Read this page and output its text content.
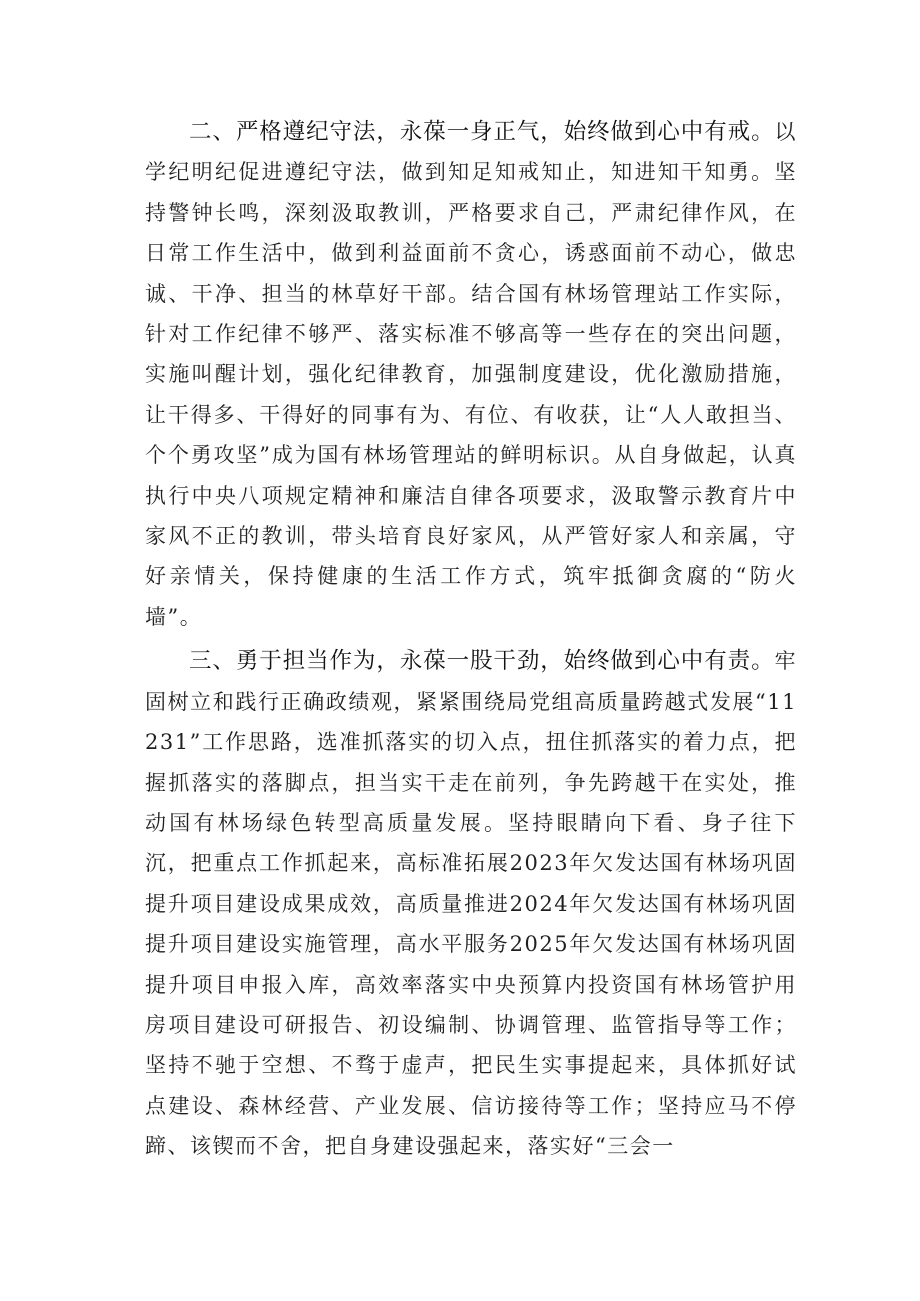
二、严格遵纪守法，永葆一身正气，始终做到心中有戒。以学纪明纪促进遵纪守法，做到知足知戒知止，知进知干知勇。坚持警钟长鸣，深刻汲取教训，严格要求自己，严肃纪律作风，在日常工作生活中，做到利益面前不贪心，诱惑面前不动心，做忠诚、干净、担当的林草好干部。结合国有林场管理站工作实际，针对工作纪律不够严、落实标准不够高等一些存在的突出问题，实施叫醒计划，强化纪律教育，加强制度建设，优化激励措施，让干得多、干得好的同事有为、有位、有收获，让“人人敢担当、个个勇攻坚”成为国有林场管理站的鲜明标识。从自身做起，认真执行中央八项规定精神和廉洁自律各项要求，汲取警示教育片中家风不正的教训，带头培育良好家风，从严管好家人和亲属，守好亲情关，保持健康的生活工作方式，筑牢抵御贪腐的“防火墙”。

三、勇于担当作为，永葆一股干劲，始终做到心中有责。牢固树立和践行正确政绩观，紧紧围绕局党组高质量跨越式发展“11231”工作思路，选准抓落实的切入点，扭住抓落实的着力点，把握抓落实的落脚点，担当实干走在前列，争先跨越干在实处，推动国有林场绿色转型高质量发展。坚持眼睛向下看、身子往下沉，把重点工作抓起来，高标准拓展2023年欠发达国有林场巩固提升项目建设成果成效，高质量推进2024年欠发达国有林场巩固提升项目建设实施管理，高水平服务2025年欠发达国有林场巩固提升项目申报入库，高效率落实中央预算内投资国有林场管护用房项目建设可研报告、初设编制、协调管理、监管指导等工作；坚持不驰于空想、不骛于虚声，把民生实事提起来，具体抓好试点建设、森林经营、产业发展、信访接待等工作；坚持应马不停蹄、该锲而不舍，把自身建设强起来，落实好“三会一
